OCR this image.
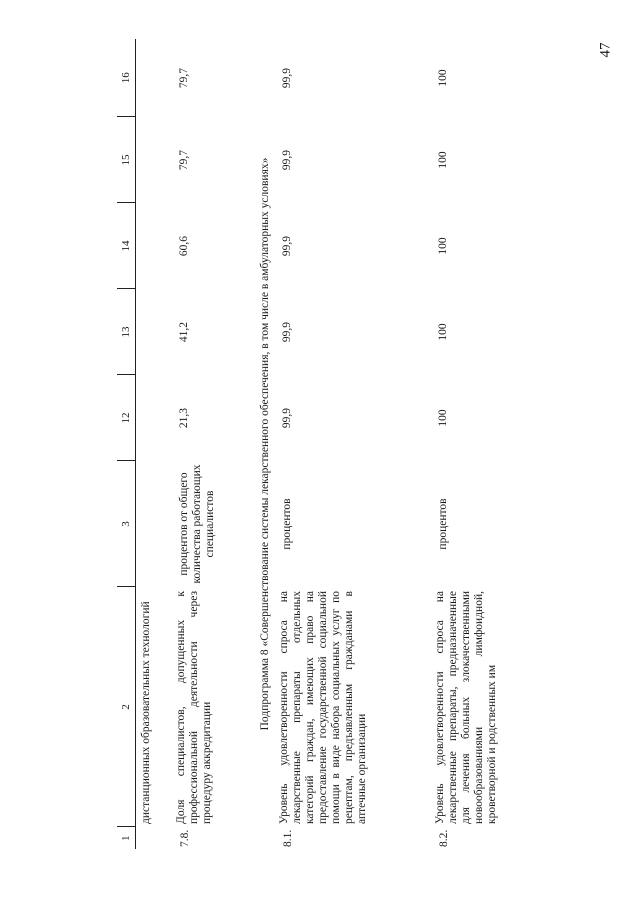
47
1	2	3	12	13	14	15	16
	дистанционных образовательных технологий						
7.8.	Доля специалистов, допущенных к профессиональной деятельности через процедуру аккредитации	процентов от общего количества работающих специалистов	21,3	41,2	60,6	79,7	79,7
Подпрограмма 8 «Совершенствование системы лекарственного обеспечения, в том числе в амбулаторных условиях»							
8.1.	Уровень удовлетворенности спроса на лекарственные препараты отдельных категорий граждан, имеющих право на предоставление государственной социальной помощи в виде набора социальных услуг по рецептам, предъявленным гражданами в аптечные организации	процентов	99,9	99,9	99,9	99,9	99,9
8.2.	Уровень удовлетворенности спроса на лекарственные препараты, предназначенные для лечения больных злокачественными новообразованиями лимфоидной, кроветворной и родственных им	процентов	100	100	100	100	100
